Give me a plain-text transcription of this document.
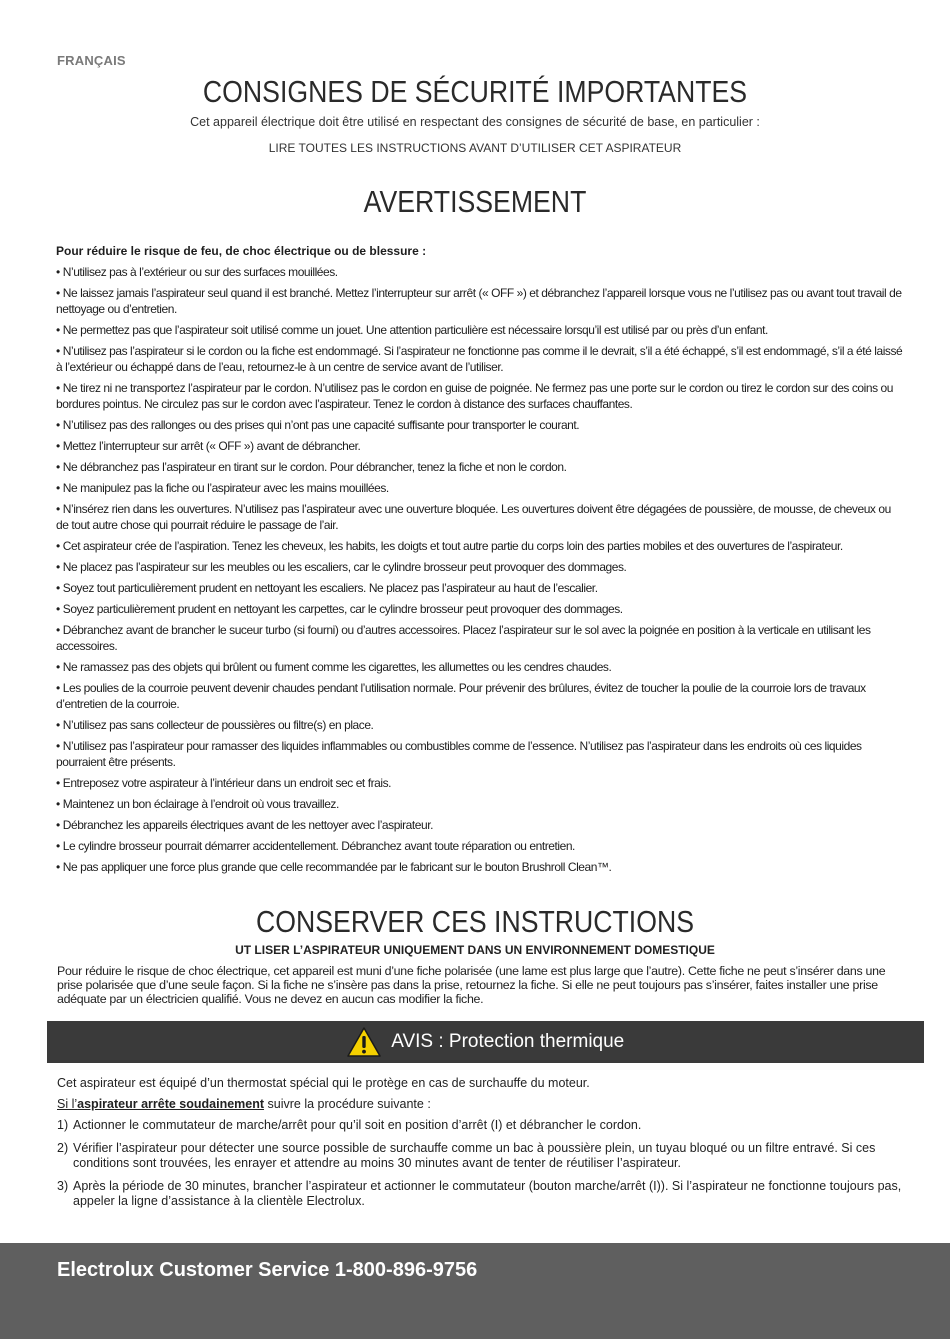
FRANÇAIS
CONSIGNES DE SÉCURITÉ IMPORTANTES
Cet appareil électrique doit être utilisé en respectant des consignes de sécurité de base, en particulier :
LIRE TOUTES LES INSTRUCTIONS AVANT D’UTILISER CET ASPIRATEUR
AVERTISSEMENT
Pour réduire le risque de feu, de choc électrique ou de blessure :
• N’utilisez pas à l’extérieur ou sur des surfaces mouillées.
• Ne laissez jamais l’aspirateur seul quand il est branché. Mettez l’interrupteur sur arrêt (« OFF ») et débranchez l’appareil lorsque vous ne l’utilisez pas ou avant tout travail de nettoyage ou d’entretien.
• Ne permettez pas que l’aspirateur soit utilisé comme un jouet. Une attention particulière est nécessaire lorsqu’il est utilisé par ou près d’un enfant.
• N’utilisez pas l’aspirateur si le cordon ou la fiche est endommagé. Si l’aspirateur ne fonctionne pas comme il le devrait, s’il a été échappé, s’il est endommagé, s’il a été laissé à l’extérieur ou échappé dans de l’eau, retournez-le à un centre de service avant de l’utiliser.
• Ne tirez ni ne transportez l’aspirateur par le cordon. N’utilisez pas le cordon en guise de poignée. Ne fermez pas une porte sur le cordon ou tirez le cordon sur des coins ou bordures pointus. Ne circulez pas sur le cordon avec l’aspirateur. Tenez le cordon à distance des surfaces chauffantes.
• N’utilisez pas des rallonges ou des prises qui n’ont pas une capacité suffisante pour transporter le courant.
• Mettez l’interrupteur sur arrêt (« OFF ») avant de débrancher.
• Ne débranchez pas l’aspirateur en tirant sur le cordon. Pour débrancher, tenez la fiche et non le cordon.
• Ne manipulez pas la fiche ou l’aspirateur avec les mains mouillées.
• N’insérez rien dans les ouvertures. N’utilisez pas l’aspirateur avec une ouverture bloquée. Les ouvertures doivent être dégagées de poussière, de mousse, de cheveux ou de tout autre chose qui pourrait réduire le passage de l’air.
• Cet aspirateur crée de l’aspiration. Tenez les cheveux, les habits, les doigts et tout autre partie du corps loin des parties mobiles et des ouvertures de l’aspirateur.
• Ne placez pas l’aspirateur sur les meubles ou les escaliers, car le cylindre brosseur peut provoquer des dommages.
• Soyez tout particulièrement prudent en nettoyant les escaliers. Ne placez pas l’aspirateur au haut de l’escalier.
• Soyez particulièrement prudent en nettoyant les carpettes, car le cylindre brosseur peut provoquer des dommages.
• Débranchez avant de brancher le suceur turbo (si fourni) ou d’autres accessoires. Placez l’aspirateur sur le sol avec la poignée en position à la verticale en utilisant les accessoires.
• Ne ramassez pas des objets qui brûlent ou fument comme les cigarettes, les allumettes ou les cendres chaudes.
• Les poulies de la courroie peuvent devenir chaudes pendant l’utilisation normale. Pour prévenir des brûlures, évitez de toucher la poulie de la courroie lors de travaux d’entretien de la courroie.
• N’utilisez pas sans collecteur de poussières ou filtre(s) en place.
• N’utilisez pas l’aspirateur pour ramasser des liquides inflammables ou combustibles comme de l’essence. N’utilisez pas l’aspirateur dans les endroits où ces liquides pourraient être présents.
• Entreposez votre aspirateur à l’intérieur dans un endroit sec et frais.
• Maintenez un bon éclairage à l’endroit où vous travaillez.
• Débranchez les appareils électriques avant de les nettoyer avec l’aspirateur.
• Le cylindre brosseur pourrait démarrer accidentellement. Débranchez avant toute réparation ou entretien.
• Ne pas appliquer une force plus grande que celle recommandée par le fabricant sur le bouton Brushroll Clean™.
CONSERVER CES INSTRUCTIONS
UT LISER L’ASPIRATEUR UNIQUEMENT DANS UN ENVIRONNEMENT DOMESTIQUE
Pour réduire le risque de choc électrique, cet appareil est muni d’une fiche polarisée (une lame est plus large que l’autre). Cette fiche ne peut s’insérer dans une prise polarisée que d’une seule façon. Si la fiche ne s’insère pas dans la prise, retournez la fiche. Si elle ne peut toujours pas s’insérer, faites installer une prise adéquate par un électricien qualifié. Vous ne devez en aucun cas modifier la fiche.
AVIS : Protection thermique

Cet aspirateur est équipé d’un thermostat spécial qui le protège en cas de surchauffe du moteur.

Si l’aspirateur arrête soudainement suivre la procédure suivante :

1) Actionner le commutateur de marche/arrêt pour qu’il soit en position d’arrêt (I) et débrancher le cordon.
2) Vérifier l’aspirateur pour détecter une source possible de surchauffe comme un bac à poussière plein, un tuyau bloqué ou un filtre entravé. Si ces conditions sont trouvées, les enrayer et attendre au moins 30 minutes avant de tenter de réutiliser l’aspirateur.
3) Après la période de 30 minutes, brancher l’aspirateur et actionner le commutateur (bouton marche/arrêt (I)). Si l’aspirateur ne fonctionne toujours pas, appeler la ligne d’assistance à la clientèle Electrolux.
Electrolux Customer Service 1-800-896-9756
